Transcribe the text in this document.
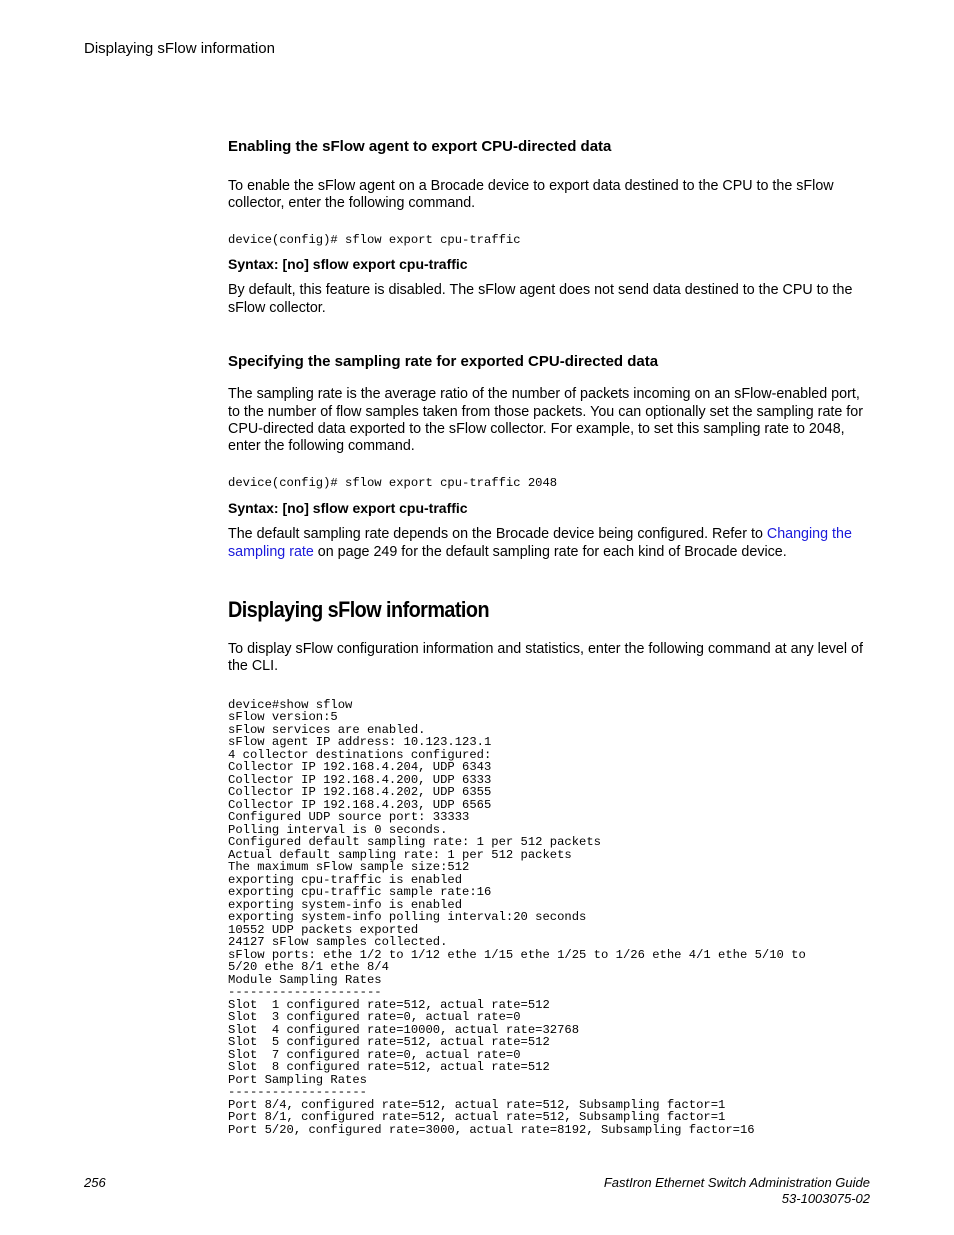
Displaying sFlow information
Enabling the sFlow agent to export CPU-directed data

To enable the sFlow agent on a Brocade device to export data destined to the CPU to the sFlow collector, enter the following command.

device(config)# sflow export cpu-traffic

Syntax: [no] sflow export cpu-traffic

By default, this feature is disabled. The sFlow agent does not send data destined to the CPU to the sFlow collector.

Specifying the sampling rate for exported CPU-directed data

The sampling rate is the average ratio of the number of packets incoming on an sFlow-enabled port, to the number of flow samples taken from those packets. You can optionally set the sampling rate for CPU-directed data exported to the sFlow collector. For example, to set this sampling rate to 2048, enter the following command.

device(config)# sflow export cpu-traffic 2048

Syntax: [no] sflow export cpu-traffic

The default sampling rate depends on the Brocade device being configured. Refer to Changing the sampling rate on page 249 for the default sampling rate for each kind of Brocade device.

Displaying sFlow information

To display sFlow configuration information and statistics, enter the following command at any level of the CLI.

device#show sflow
sFlow version:5
sFlow services are enabled.
sFlow agent IP address: 10.123.123.1
4 collector destinations configured:
Collector IP 192.168.4.204, UDP 6343
Collector IP 192.168.4.200, UDP 6333
Collector IP 192.168.4.202, UDP 6355
Collector IP 192.168.4.203, UDP 6565
Configured UDP source port: 33333
Polling interval is 0 seconds.
Configured default sampling rate: 1 per 512 packets
Actual default sampling rate: 1 per 512 packets
The maximum sFlow sample size:512
exporting cpu-traffic is enabled
exporting cpu-traffic sample rate:16
exporting system-info is enabled
exporting system-info polling interval:20 seconds
10552 UDP packets exported
24127 sFlow samples collected.
sFlow ports: ethe 1/2 to 1/12 ethe 1/15 ethe 1/25 to 1/26 ethe 4/1 ethe 5/10 to
5/20 ethe 8/1 ethe 8/4
Module Sampling Rates
---------------------
Slot  1 configured rate=512, actual rate=512
Slot  3 configured rate=0, actual rate=0
Slot  4 configured rate=10000, actual rate=32768
Slot  5 configured rate=512, actual rate=512
Slot  7 configured rate=0, actual rate=0
Slot  8 configured rate=512, actual rate=512
Port Sampling Rates
-------------------
Port 8/4, configured rate=512, actual rate=512, Subsampling factor=1
Port 8/1, configured rate=512, actual rate=512, Subsampling factor=1
Port 5/20, configured rate=3000, actual rate=8192, Subsampling factor=16
256	FastIron Ethernet Switch Administration Guide
53-1003075-02
